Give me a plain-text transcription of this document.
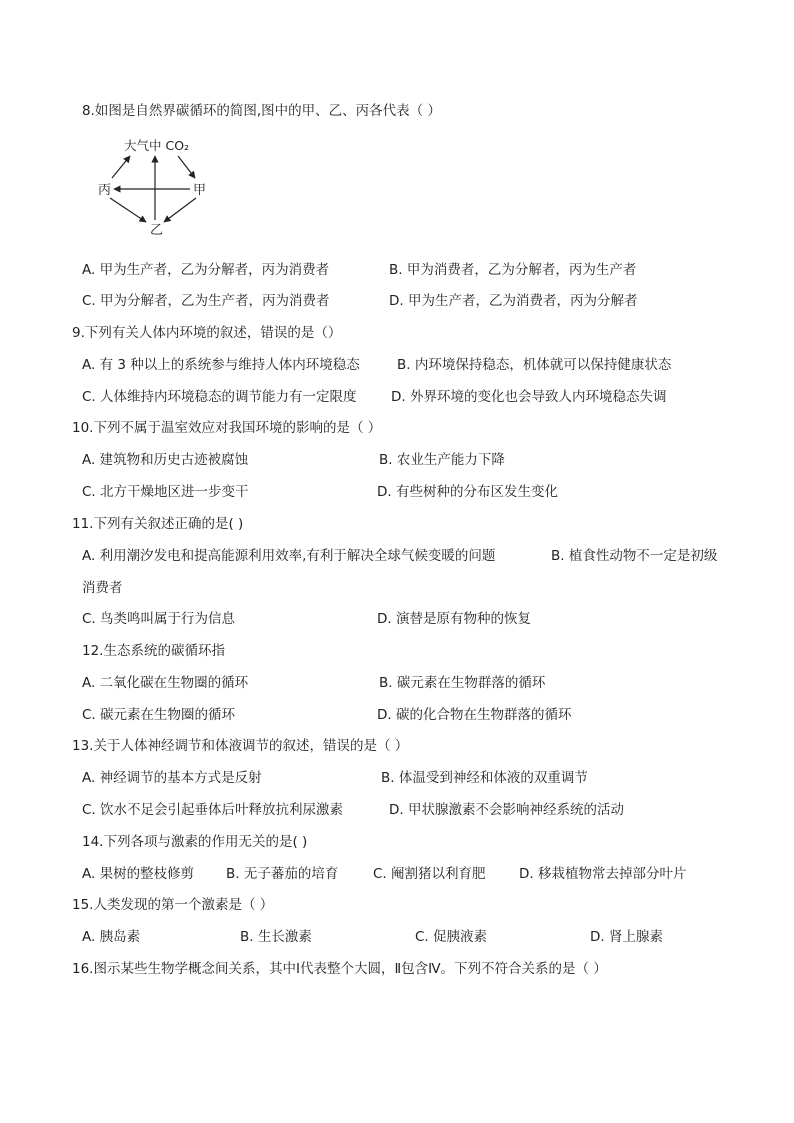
8.如图是自然界碳循环的简图,图中的甲、乙、丙各代表（ ）
大气中 CO₂
丙	甲
乙
A. 甲为生产者，乙为分解者，丙为消费者	B. 甲为消费者，乙为分解者，丙为生产者
C. 甲为分解者，乙为生产者，丙为消费者	D. 甲为生产者，乙为消费者，丙为分解者
9.下列有关人体内环境的叙述，错误的是（）
A. 有 3 种以上的系统参与维持人体内环境稳态	B. 内环境保持稳态，机体就可以保持健康状态
C. 人体维持内环境稳态的调节能力有一定限度	D. 外界环境的变化也会导致人内环境稳态失调
10.下列不属于温室效应对我国环境的影响的是（ ）
A. 建筑物和历史古迹被腐蚀	B. 农业生产能力下降
C. 北方干燥地区进一步变干	D. 有些树种的分布区发生变化
11.下列有关叙述正确的是( )
A. 利用潮汐发电和提高能源利用效率,有利于解决全球气候变暖的问题	B. 植食性动物不一定是初级
消费者
C. 鸟类鸣叫属于行为信息	D. 演替是原有物种的恢复
12.生态系统的碳循环指
A. 二氧化碳在生物圈的循环	B. 碳元素在生物群落的循环
C. 碳元素在生物圈的循环	D. 碳的化合物在生物群落的循环
13.关于人体神经调节和体液调节的叙述，错误的是（ ）
A. 神经调节的基本方式是反射	B. 体温受到神经和体液的双重调节
C. 饮水不足会引起垂体后叶释放抗利尿激素	D. 甲状腺激素不会影响神经系统的活动
14.下列各项与激素的作用无关的是( )
A. 果树的整枝修剪 B. 无子蕃茄的培育	C. 阉割猪以利育肥 D. 移栽植物常去掉部分叶片
15.人类发现的第一个激素是（ ）
A. 胰岛素	B. 生长激素	C. 促胰液素	D. 肾上腺素
16.图示某些生物学概念间关系，其中Ⅰ代表整个大圆，Ⅱ包含Ⅳ。下列不符合关系的是（ ）
